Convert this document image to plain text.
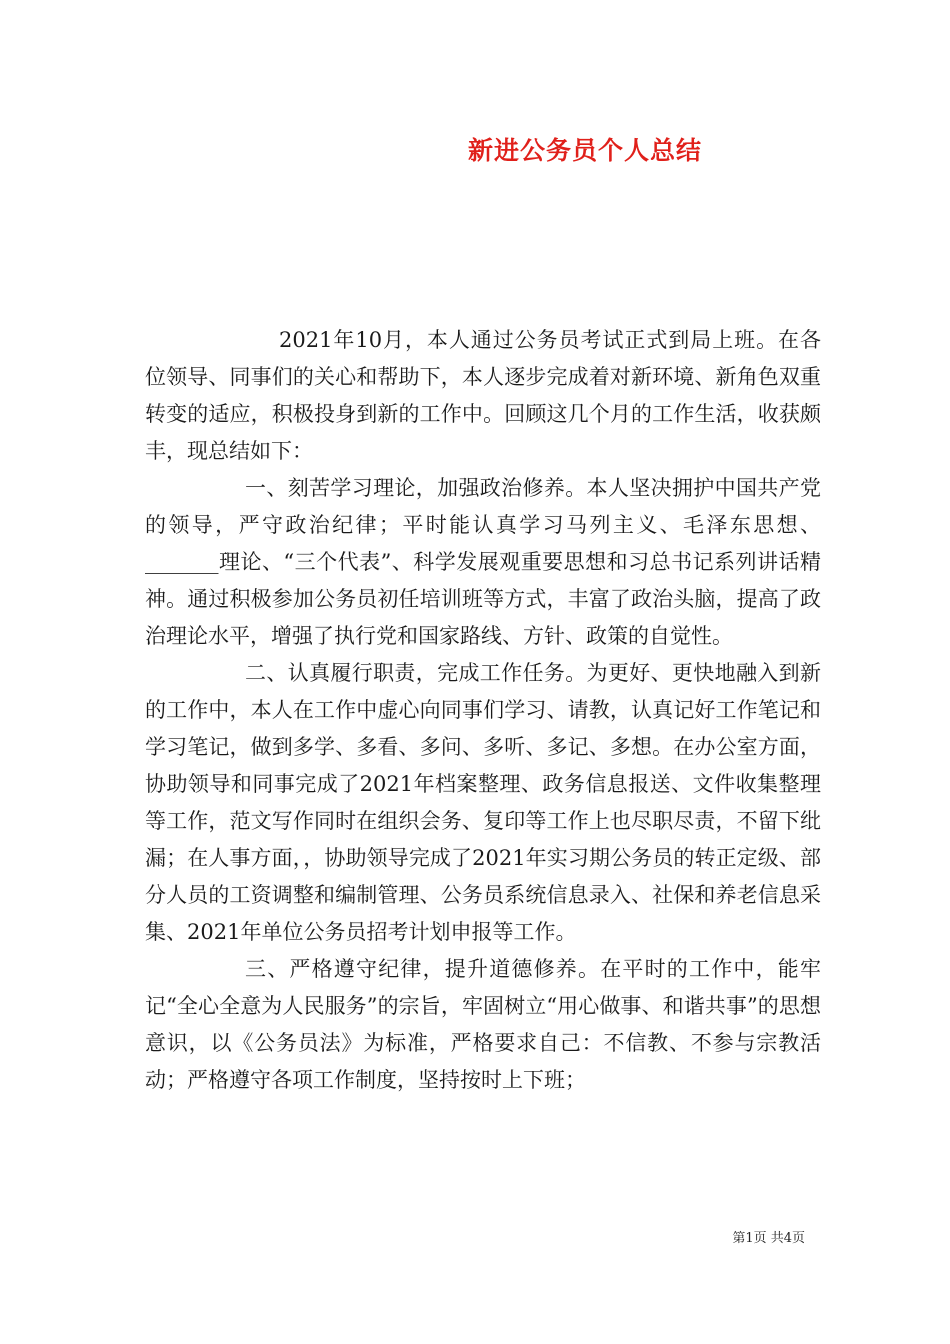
新进公务员个人总结

2021年10月，本人通过公务员考试正式到局上班。在各位领导、同事们的关心和帮助下，本人逐步完成着对新环境、新角色双重转变的适应，积极投身到新的工作中。回顾这几个月的工作生活，收获颇丰，现总结如下：

一、刻苦学习理论，加强政治修养。本人坚决拥护中国共产党的领导，严守政治纪律；平时能认真学习马列主义、毛泽东思想、_______理论、“三个代表”、科学发展观重要思想和习总书记系列讲话精神。通过积极参加公务员初任培训班等方式，丰富了政治头脑，提高了政治理论水平，增强了执行党和国家路线、方针、政策的自觉性。

二、认真履行职责，完成工作任务。为更好、更快地融入到新的工作中，本人在工作中虚心向同事们学习、请教，认真记好工作笔记和学习笔记，做到多学、多看、多问、多听、多记、多想。在办公室方面，协助领导和同事完成了2021年档案整理、政务信息报送、文件收集整理等工作，范文写作同时在组织会务、复印等工作上也尽职尽责，不留下纰漏；在人事方面，，协助领导完成了2021年实习期公务员的转正定级、部分人员的工资调整和编制管理、公务员系统信息录入、社保和养老信息采集、2021年单位公务员招考计划申报等工作。

三、严格遵守纪律，提升道德修养。在平时的工作中，能牢记“全心全意为人民服务”的宗旨，牢固树立“用心做事、和谐共事”的思想意识，以《公务员法》为标准，严格要求自己：不信教、不参与宗教活动；严格遵守各项工作制度，坚持按时上下班；

第1页 共4页
